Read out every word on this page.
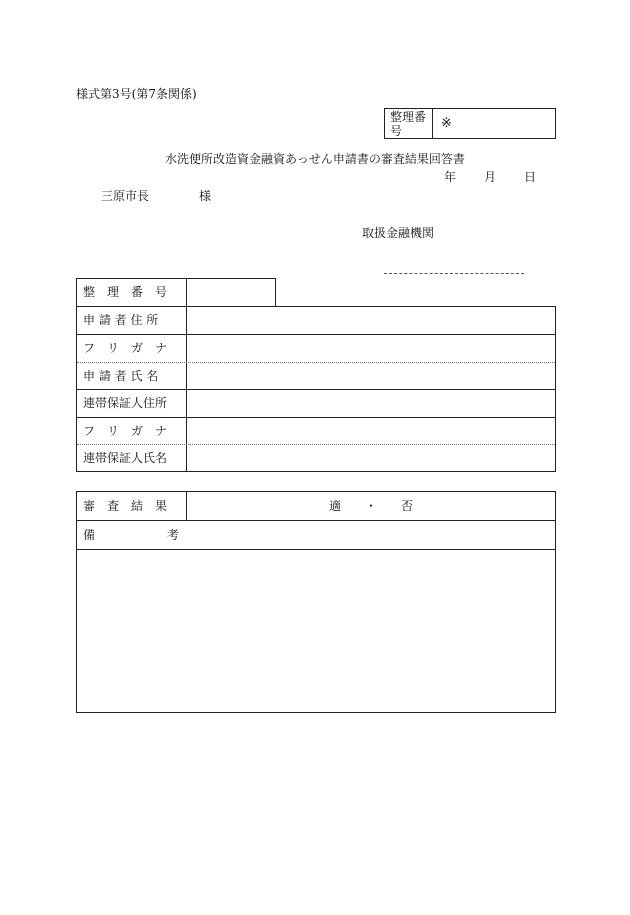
様式第3号(第7条関係)
整理番号	※
水洗便所改造資金融資あっせん申請書の審査結果回答書
年 月 日
三原市長	様
取扱金融機関
整　理　番　号
申 請 者 住 所
フ　リ　ガ　ナ
申 請 者 氏 名
連帯保証人住所
フ　リ　ガ　ナ
連帯保証人氏名
審　査　結　果	適　　・　　否
備　　　　　　考
